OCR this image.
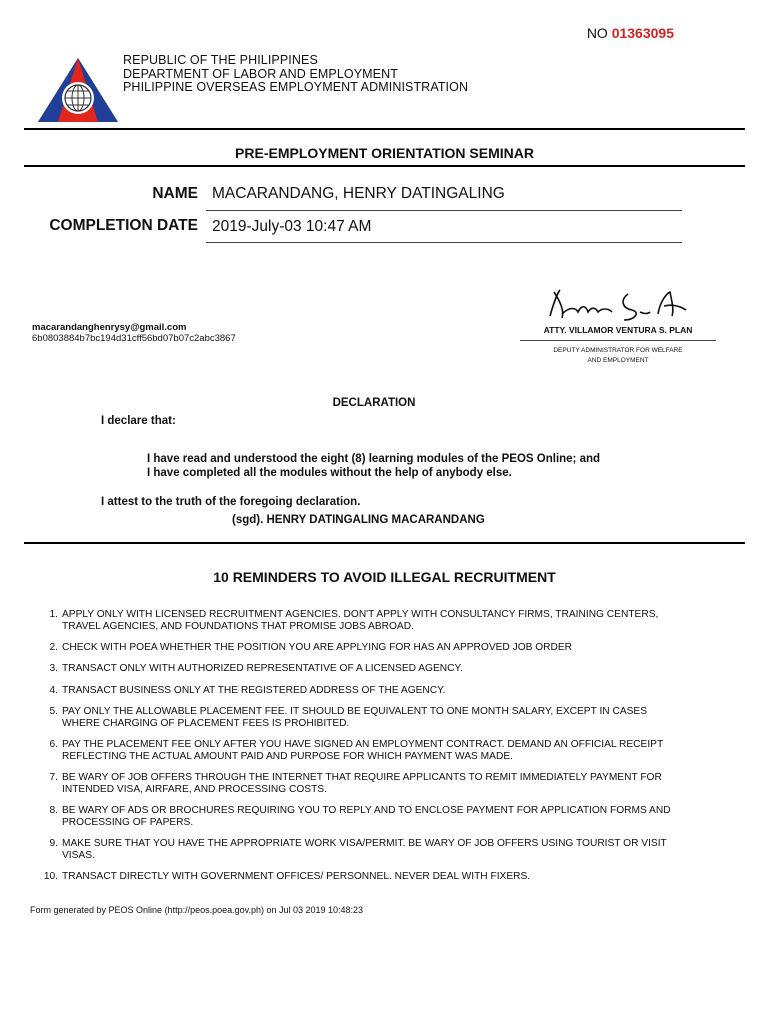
NO 01363095
REPUBLIC OF THE PHILIPPINES
DEPARTMENT OF LABOR AND EMPLOYMENT
PHILIPPINE OVERSEAS EMPLOYMENT ADMINISTRATION
PRE-EMPLOYMENT ORIENTATION SEMINAR
NAME MACARANDANG, HENRY DATINGALING
COMPLETION DATE 2019-July-03 10:47 AM
ATTY. VILLAMOR VENTURA S. PLAN
DEPUTY ADMINISTRATOR FOR WELFARE
AND EMPLOYMENT
macarandanghenrysy@gmail.com
6b0803884b7bc194d31cff56bd07b07c2abc3867
DECLARATION
I declare that:
I have read and understood the eight (8) learning modules of the PEOS Online; and
I have completed all the modules without the help of anybody else.
I attest to the truth of the foregoing declaration.
(sgd). HENRY DATINGALING MACARANDANG
10 REMINDERS TO AVOID ILLEGAL RECRUITMENT
1. APPLY ONLY WITH LICENSED RECRUITMENT AGENCIES. DON'T APPLY WITH CONSULTANCY FIRMS, TRAINING CENTERS,
TRAVEL AGENCIES, AND FOUNDATIONS THAT PROMISE JOBS ABROAD.
2. CHECK WITH POEA WHETHER THE POSITION YOU ARE APPLYING FOR HAS AN APPROVED JOB ORDER
3. TRANSACT ONLY WITH AUTHORIZED REPRESENTATIVE OF A LICENSED AGENCY.
4. TRANSACT BUSINESS ONLY AT THE REGISTERED ADDRESS OF THE AGENCY.
5. PAY ONLY THE ALLOWABLE PLACEMENT FEE. IT SHOULD BE EQUIVALENT TO ONE MONTH SALARY, EXCEPT IN CASES
WHERE CHARGING OF PLACEMENT FEES IS PROHIBITED.
6. PAY THE PLACEMENT FEE ONLY AFTER YOU HAVE SIGNED AN EMPLOYMENT CONTRACT. DEMAND AN OFFICIAL RECEIPT
REFLECTING THE ACTUAL AMOUNT PAID AND PURPOSE FOR WHICH PAYMENT WAS MADE.
7. BE WARY OF JOB OFFERS THROUGH THE INTERNET THAT REQUIRE APPLICANTS TO REMIT IMMEDIATELY PAYMENT FOR
INTENDED VISA, AIRFARE, AND PROCESSING COSTS.
8. BE WARY OF ADS OR BROCHURES REQUIRING YOU TO REPLY AND TO ENCLOSE PAYMENT FOR APPLICATION FORMS AND
PROCESSING OF PAPERS.
9. MAKE SURE THAT YOU HAVE THE APPROPRIATE WORK VISA/PERMIT. BE WARY OF JOB OFFERS USING TOURIST OR VISIT
VISAS.
10. TRANSACT DIRECTLY WITH GOVERNMENT OFFICES/ PERSONNEL. NEVER DEAL WITH FIXERS.
Form generated by PEOS Online (http://peos.poea.gov.ph) on Jul 03 2019 10:48:23
